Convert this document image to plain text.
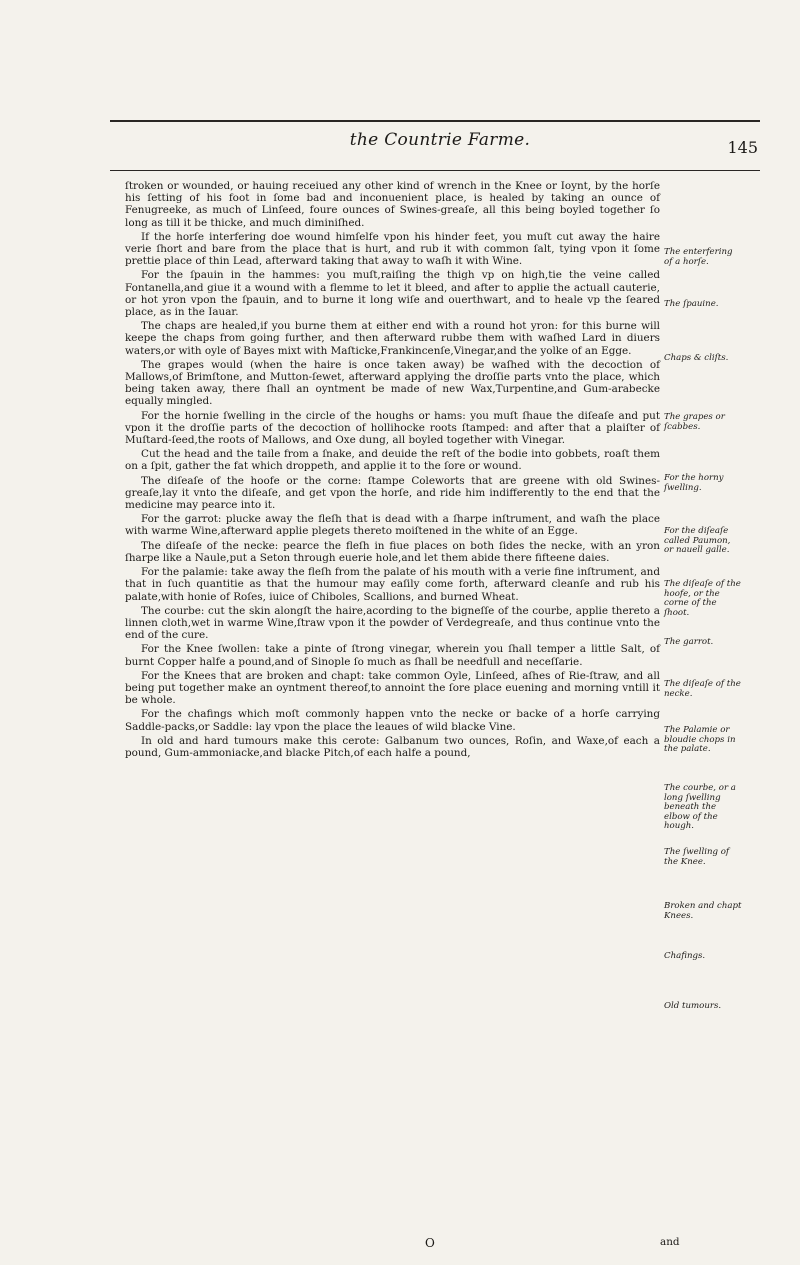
the Countrie Farme.	145

ſtroken or wounded, or hauing receiued any other kind of wrench in the Knee or Ioynt, by the horſe his ſetting of his foot in ſome bad and inconuenient place, is healed by taking an ounce of Fenugreeke, as much of Linſeed, foure ounces of Swines-greaſe, all this being boyled together ſo long as till it be thicke, and much diminiſhed.

If the horſe interfering doe wound himſelfe vpon his hinder feet, you muſt cut away the haire verie ſhort and bare from the place that is hurt, and rub it with common ſalt, tying vpon it ſome prettie place of thin Lead, afterward taking that away to waſh it with Wine.

For the ſpauin in the hammes: you muſt,raiſing the thigh vp on high,tie the veine called Fontanella,and giue it a wound with a flemme to let it bleed, and after to applie the actuall cauterie, or hot yron vpon the ſpauin, and to burne it long wiſe and ouerthwart, and to heale vp the ſeared place, as in the Iauar.

The chaps are healed,if you burne them at either end with a round hot yron: for this burne will keepe the chaps from going further, and then afterward rubbe them with waſhed Lard in diuers waters,or with oyle of Bayes mixt with Maſticke,Frankincenſe,Vinegar,and the yolke of an Egge.

The grapes would (when the haire is once taken away) be waſhed with the decoction of Mallows,of Brimſtone, and Mutton-ſewet, afterward applying the droſſie parts vnto the place, which being taken away, there ſhall an oyntment be made of new Wax,Turpentine,and Gum-arabecke equally mingled.

For the hornie ſwelling in the circle of the houghs or hams: you muſt ſhaue the diſeaſe and put vpon it the droſſie parts of the decoction of hollihocke roots ſtamped: and after that a plaiſter of Muſtard-ſeed,the roots of Mallows, and Oxe dung, all boyled together with Vinegar.

Cut the head and the taile from a ſnake, and deuide the reſt of the bodie into gobbets, roaſt them on a ſpit, gather the fat which droppeth, and applie it to the ſore or wound.

The diſeaſe of the hoofe or the corne: ſtampe Coleworts that are greene with old Swines-greaſe,lay it vnto the diſeaſe, and get vpon the horſe, and ride him indifferently to the end that the medicine may pearce into it.

For the garrot: plucke away the fleſh that is dead with a ſharpe inſtrument, and waſh the place with warme Wine,afterward applie plegets thereto moiſtened in the white of an Egge.

The diſeaſe of the necke: pearce the fleſh in fiue places on both ſides the necke, with an yron ſharpe like a Naule,put a Seton through euerie hole,and let them abide there fifteene daies.

For the palamie: take away the fleſh from the palate of his mouth with a verie fine inſtrument, and that in ſuch quantitie as that the humour may eaſily come forth, afterward cleanſe and rub his palate,with honie of Roſes, iuice of Chiboles, Scallions, and burned Wheat.

The courbe: cut the skin alongſt the haire,acording to the bigneſſe of the courbe, applie thereto a linnen cloth,wet in warme Wine,ſtraw vpon it the powder of Verdegreaſe, and thus continue vnto the end of the cure.

For the Knee ſwollen: take a pinte of ſtrong vinegar, wherein you ſhall temper a little Salt, of burnt Copper halfe a pound,and of Sinople ſo much as ſhall be needfull and neceſſarie.

For the Knees that are broken and chapt: take common Oyle, Linſeed, aſhes of Rie-ſtraw, and all being put together make an oyntment thereof,to annoint the ſore place euening and morning vntill it be whole.

For the chafings which moſt commonly happen vnto the necke or backe of a horſe carrying Saddle-packs,or Saddle: lay vpon the place the leaues of wild blacke Vine.

In old and hard tumours make this cerote: Galbanum two ounces, Roſin, and Waxe,of each a pound, Gum-ammoniacke,and blacke Pitch,of each halfe a pound,

The enterfering of a horſe.
The ſpauine.
Chaps & cliſts.
The grapes or ſcabbes.
For the horny ſwelling.
For the diſeaſe called Paumon, or nauell galle.
The diſeaſe of the hoofe, or the corne of the ſhoot.
The garrot.
The diſeaſe of the necke.
The Palamie or bloudie chops in the palate.
The courbe, or a long ſwelling beneath the elbow of the hough.
The ſwelling of the Knee.
Broken and chapt Knees.
Chafings.
Old tumours.
O	and
